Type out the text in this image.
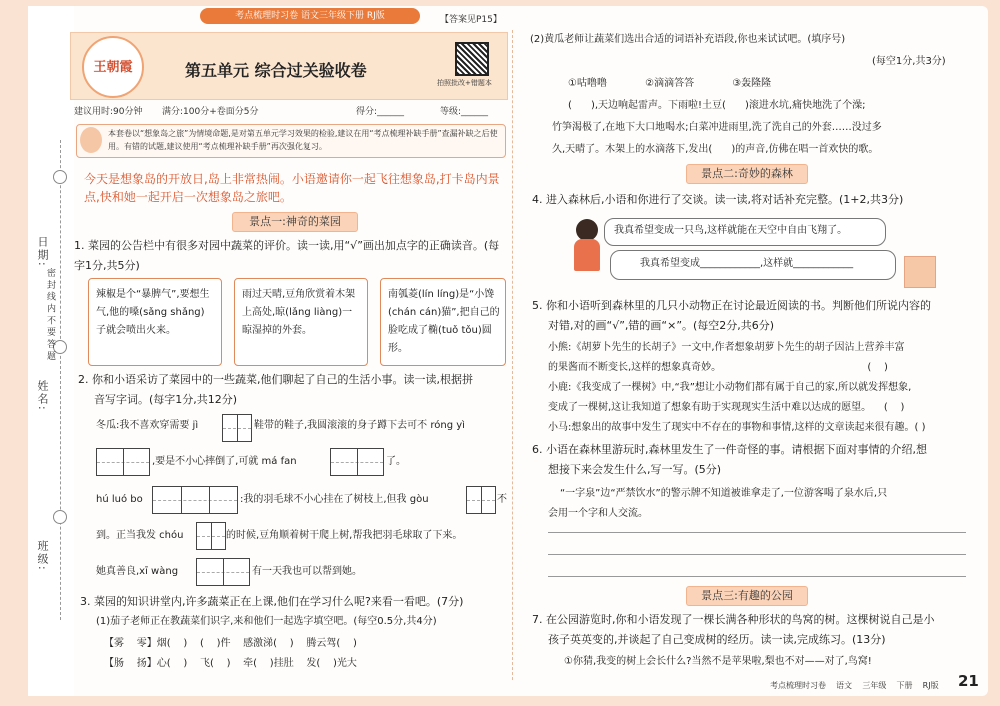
日期:
密 封 线 内 不 要 答 题
姓名:
班级:
考点梳理时习卷 语文三年级下册 RJ版	【答案见P15】
王朝霞	第五单元 综合过关验收卷
拍照批改+错题本
建议用时:90分钟 满分:100分+卷面分5分	得分:______	等级:______
本套卷以“想象岛之旅”为情境命题,是对第五单元学习效果的检验,建议在用“考点梳理补缺手册”查漏补缺之后使用。有错的试题,建议使用“考点梳理补缺手册”再次强化复习。
今天是想象岛的开放日,岛上非常热闹。小语邀请你一起飞往想象岛,打卡岛内景点,快和她一起开启一次想象岛之旅吧。
景点一:神奇的菜园
1. 菜园的公告栏中有很多对园中蔬菜的评价。读一读,用“√”画出加点字的正确读音。(每字1分,共5分)
辣椒是个“暴脾气”,要想生气,他的嗓(sǎng shǎng)子就会喷出火来。
雨过天晴,豆角欣赏着木架上高处,晾(lǎng liàng)一晾湿掉的外套。
南瓠菱(lín líng)是“小馋(chán cán)猫”,把自己的脸吃成了椭(tuǒ tǒu)圆形。
2. 你和小语采访了菜园中的一些蔬菜,他们聊起了自己的生活小事。读一读,根据拼
音写字词。(每字1分,共12分)
冬瓜:我不喜欢穿需要 jì	鞋带的鞋子,我圆滚滚的身子蹲下去可不 róng yì
,要是不小心摔倒了,可就 má fan	了。
hú luó bo	:我的羽毛球不小心挂在了树枝上,但我 gòu	不
到。正当我发 chóu	的时候,豆角顺着树干爬上树,帮我把羽毛球取了下来。
她真善良,xī wàng	有一天我也可以帮到她。
3. 菜园的知识讲堂内,许多蔬菜正在上课,他们在学习什么呢?来看一看吧。(7分)
(1)茄子老师正在教蔬菜们识字,来和他们一起选字填空吧。(每空0.5分,共4分)
【雾    零】烟(    )    (    )件    感激涕(    )    腾云驾(    )
【肠    扬】心(    )    飞(    )    牵(    )挂肚    发(    )光大
(2)黄瓜老师让蔬菜们选出合适的词语补充语段,你也来试试吧。(填序号)
(每空1分,共3分)
①咕噜噜            ②滴滴答答            ③轰隆隆
(      ),天边响起雷声。下雨啦!土豆(      )滚进水坑,痛快地洗了个澡;
竹笋渴极了,在地下大口地喝水;白菜冲进雨里,洗了洗自己的外套……没过多
久,天晴了。木架上的水滴落下,发出(      )的声音,仿佛在唱一首欢快的歌。
景点二:奇妙的森林
4. 进入森林后,小语和你进行了交谈。读一读,将对话补充完整。(1+2,共3分)
我真希望变成一只鸟,这样就能在天空中自由飞翔了。
我真希望变成____________,这样就____________
5. 你和小语听到森林里的几只小动物正在讨论最近阅读的书。判断他们所说内容的
对错,对的画“√”,错的画“×”。(每空2分,共6分)
小熊:《胡萝卜先生的长胡子》一文中,作者想象胡萝卜先生的胡子因沾上营养丰富
的果酱而不断变长,这样的想象真奇妙。                                              (    )
小鹿:《我变成了一棵树》中,“我”想让小动物们都有属于自己的家,所以就发挥想象,
变成了一棵树,这让我知道了想象有助于实现现实生活中难以达成的愿望。    (    )
小马:想象出的故事中发生了现实中不存在的事物和事情,这样的文章读起来很有趣。( )
6. 小语在森林里游玩时,森林里发生了一件奇怪的事。请根据下面对事情的介绍,想
想接下来会发生什么,写一写。(5分)
“一字泉”边“严禁饮水”的警示牌不知道被谁拿走了,一位游客喝了泉水后,只
会用一个字和人交流。
景点三:有趣的公园
7. 在公园游览时,你和小语发现了一棵长满各种形状的鸟窝的树。这棵树说自己是小
孩子英英变的,并谈起了自己变成树的经历。读一读,完成练习。(13分)
①你猜,我变的树上会长什么?当然不是苹果啦,梨也不对——对了,鸟窝!
考点梳理时习卷    语文    三年级    下册    RJ版 21
